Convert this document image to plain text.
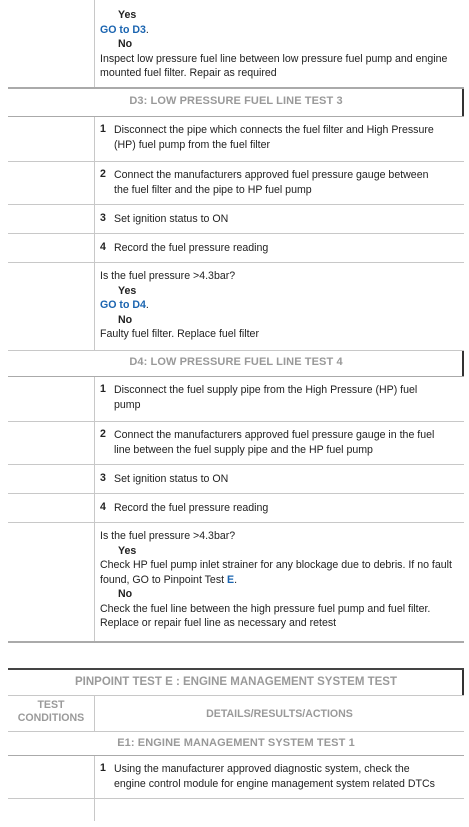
Yes
GO to D3.
No
Inspect low pressure fuel line between low pressure fuel pump and engine mounted fuel filter. Repair as required
D3: LOW PRESSURE FUEL LINE TEST 3
1 Disconnect the pipe which connects the fuel filter and High Pressure (HP) fuel pump from the fuel filter
2 Connect the manufacturers approved fuel pressure gauge between the fuel filter and the pipe to HP fuel pump
3 Set ignition status to ON
4 Record the fuel pressure reading
Is the fuel pressure >4.3bar?
Yes
GO to D4.
No
Faulty fuel filter. Replace fuel filter
D4: LOW PRESSURE FUEL LINE TEST 4
1 Disconnect the fuel supply pipe from the High Pressure (HP) fuel pump
2 Connect the manufacturers approved fuel pressure gauge in the fuel line between the fuel supply pipe and the HP fuel pump
3 Set ignition status to ON
4 Record the fuel pressure reading
Is the fuel pressure >4.3bar?
Yes
Check HP fuel pump inlet strainer for any blockage due to debris. If no fault found, GO to Pinpoint Test E.
No
Check the fuel line between the high pressure fuel pump and fuel filter. Replace or repair fuel line as necessary and retest
PINPOINT TEST E : ENGINE MANAGEMENT SYSTEM TEST
TEST CONDITIONS	DETAILS/RESULTS/ACTIONS
E1: ENGINE MANAGEMENT SYSTEM TEST 1
1 Using the manufacturer approved diagnostic system, check the engine control module for engine management system related DTCs
